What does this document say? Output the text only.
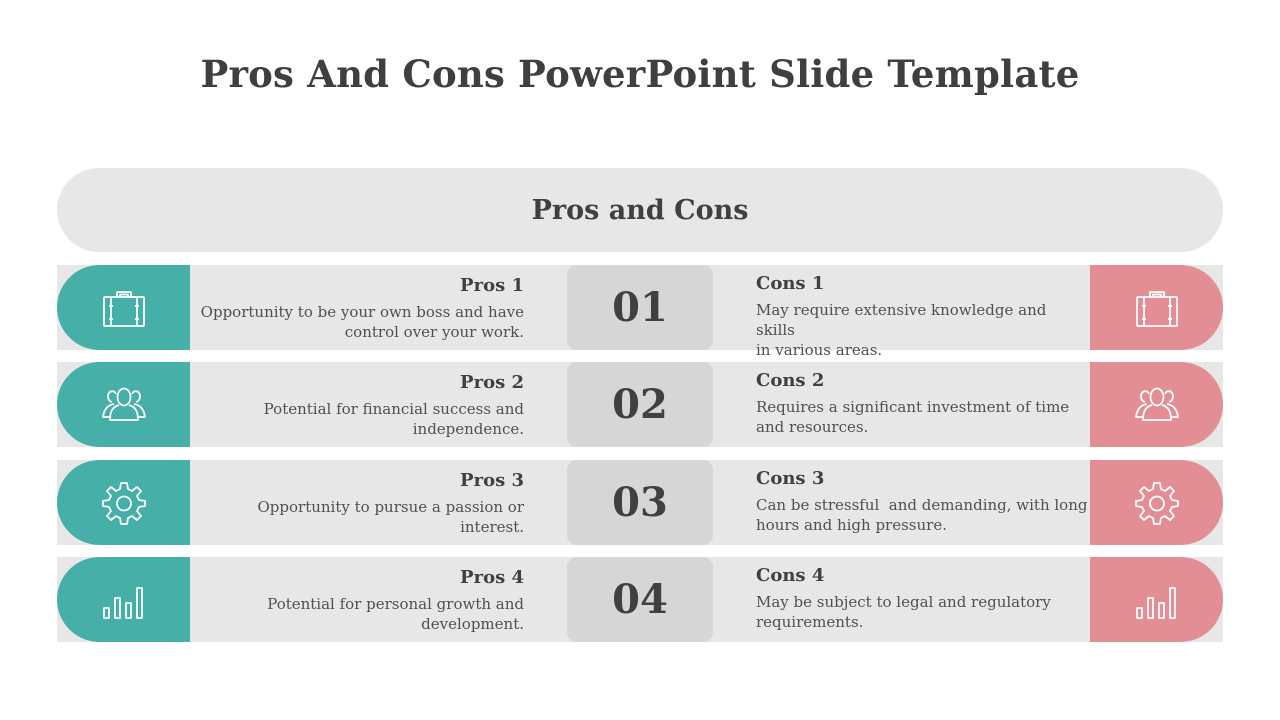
Pros And Cons PowerPoint Slide Template
Pros and Cons
Pros 1
Opportunity to be your own boss and have
control over your work.
01
Cons 1
May require extensive knowledge and skills
in various areas.
Pros 2
Potential for financial success and
independence.
02
Cons 2
Requires a significant investment of time
and resources.
Pros 3
Opportunity to pursue a passion or
interest.
03
Cons 3
Can be stressful  and demanding, with long
hours and high pressure.
Pros 4
Potential for personal growth and
development.
04
Cons 4
May be subject to legal and regulatory
requirements.
